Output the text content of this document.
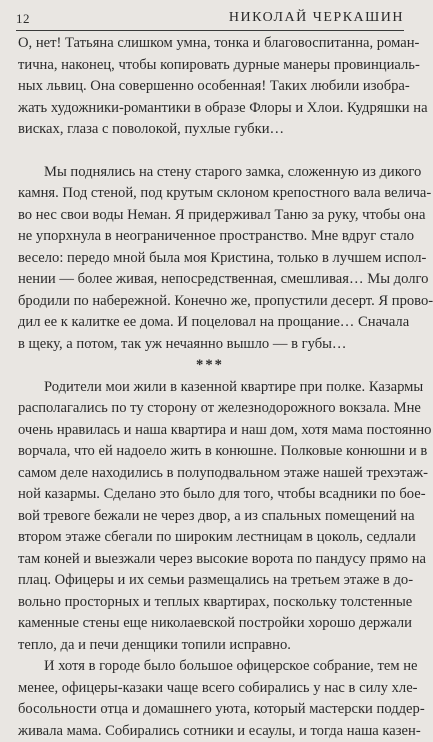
12	НИКОЛАЙ ЧЕРКАШИН
О, нет! Татьяна слишком умна, тонка и благовоспитанна, роман-
тична, наконец, чтобы копировать дурные манеры провинциаль-
ных львиц. Она совершенно особенная! Таких любили изобра-
жать художники-романтики в образе Флоры и Хлои. Кудряшки на
висках, глаза с поволокой, пухлые губки…
Мы поднялись на стену старого замка, сложенную из дикого
камня. Под стеной, под крутым склоном крепостного вала велича-
во нес свои воды Неман. Я придерживал Таню за руку, чтобы она
не упорхнула в неограниченное пространство. Мне вдруг стало
весело: передо мной была моя Кристина, только в лучшем испол-
нении — более живая, непосредственная, смешливая… Мы долго
бродили по набережной. Конечно же, пропустили десерт. Я прово-
дил ее к калитке ее дома. И поцеловал на прощание… Сначала
в щеку, а потом, так уж нечаянно вышло — в губы…
***
Родители мои жили в казенной квартире при полке. Казармы
располагались по ту сторону от железнодорожного вокзала. Мне
очень нравилась и наша квартира и наш дом, хотя мама постоянно
ворчала, что ей надоело жить в конюшне. Полковые конюшни и в
самом деле находились в полуподвальном этаже нашей трехэтаж-
ной казармы. Сделано это было для того, чтобы всадники по бое-
вой тревоге бежали не через двор, а из спальных помещений на
втором этаже сбегали по широким лестницам в цоколь, седлали
там коней и выезжали через высокие ворота по пандусу прямо на
плац. Офицеры и их семьи размещались на третьем этаже в до-
вольно просторных и теплых квартирах, поскольку толстенные
каменные стены еще николаевской постройки хорошо держали
тепло, да и печи денщики топили исправно.
И хотя в городе было большое офицерское собрание, тем не
менее, офицеры-казаки чаще всего собирались у нас в силу хле-
босольности отца и домашнего уюта, который мастерски поддер-
живала мама. Собирались сотники и есаулы, и тогда наша казен-
